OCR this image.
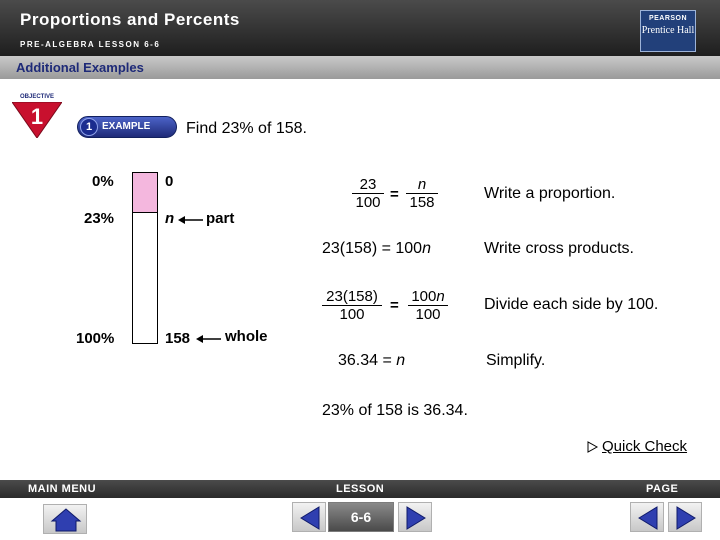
Proportions and Percents
PRE-ALGEBRA LESSON 6-6
PEARSON
Prentice Hall
Additional Examples
OBJECTIVE
1	1 EXAMPLE Find 23% of 158.
0%
23%
100%
0
n part
158 whole
$\frac{23}{100} = \frac{n}{158}$	Write a proportion.
23(158) = 100n	Write cross products.
$\frac{23(158)}{100} = \frac{100n}{100}$ Divide each side by 100.
36.34 = n	Simplify.
23% of 158 is 36.34.
Quick Check
MAIN MENU	LESSON	PAGE
6-6
